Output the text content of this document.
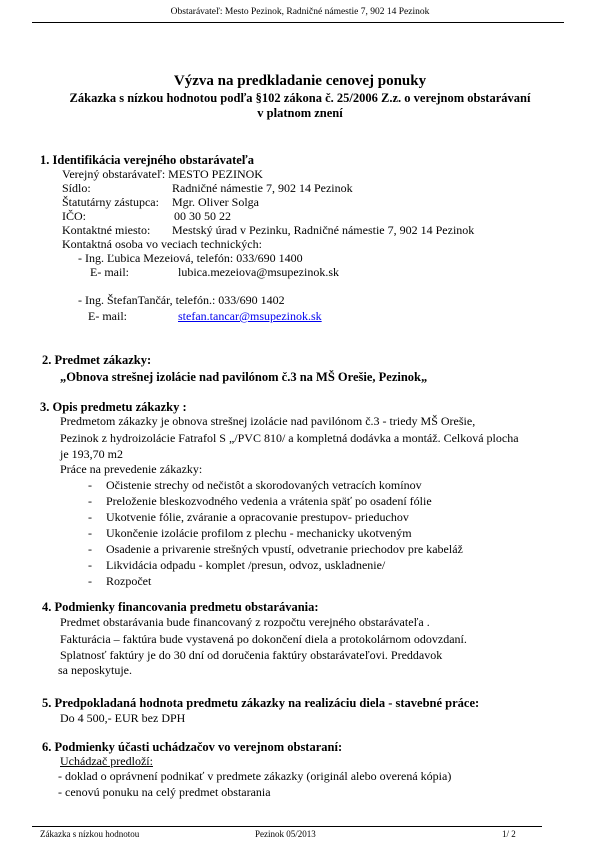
Obstarávateľ: Mesto Pezinok, Radničné námestie 7, 902 14 Pezinok
Výzva na predkladanie cenovej ponuky
Zákazka s nízkou hodnotou podľa §102 zákona č. 25/2006 Z.z. o verejnom obstarávaní
v platnom znení
1. Identifikácia verejného obstarávateľa
Verejný obstarávateľ: MESTO PEZINOK
Sídlo:	Radničné námestie 7, 902 14 Pezinok
Štatutárny zástupca: Mgr. Oliver Solga
IČO:	00 30 50 22
Kontaktné miesto: Mestský úrad v Pezinku, Radničné námestie 7, 902 14 Pezinok
Kontaktná osoba vo veciach technických:
- Ing. Ľubica Mezeiová, telefón: 033/690 1400
E- mail:	lubica.mezeiova@msupezinok.sk
- Ing. ŠtefanTančár, telefón.: 033/690 1402
E- mail:	stefan.tancar@msupezinok.sk
2. Predmet zákazky:
„Obnova strešnej izolácie nad pavilónom č.3 na MŠ Orešie, Pezinok„
3. Opis predmetu zákazky :
Predmetom zákazky je obnova strešnej izolácie nad pavilónom č.3 - triedy MŠ Orešie,
Pezinok z hydroizolácie Fatrafol S „/PVC 810/ a kompletná dodávka a montáž. Celková plocha
je 193,70 m2
Práce na prevedenie zákazky:
- Očistenie strechy od nečistôt a skorodovaných vetracích komínov
- Preloženie bleskozvodného vedenia a vrátenia späť po osadení fólie
- Ukotvenie fólie, zváranie a opracovanie prestupov- prieduchov
- Ukončenie izolácie profilom z plechu - mechanicky ukotveným
- Osadenie a privarenie strešných vpustí, odvetranie priechodov pre kabeláž
- Likvidácia odpadu - komplet /presun, odvoz, uskladnenie/
- Rozpočet
4. Podmienky financovania predmetu obstarávania:
Predmet obstarávania bude financovaný z rozpočtu verejného obstarávateľa .
Fakturácia – faktúra bude vystavená po dokončení diela a protokolárnom odovzdaní.
Splatnosť faktúry je do 30 dní od doručenia faktúry obstarávateľovi. Preddavok
sa neposkytuje.
5. Predpokladaná hodnota predmetu zákazky na realizáciu diela - stavebné práce:
Do 4 500,- EUR bez DPH
6. Podmienky účasti uchádzačov vo verejnom obstaraní:
Uchádzač predloží:
- doklad o oprávnení podnikať v predmete zákazky (originál alebo overená kópia)
- cenovú ponuku na celý predmet obstarania
Zákazka s nízkou hodnotou	Pezinok 05/2013	1/ 2
